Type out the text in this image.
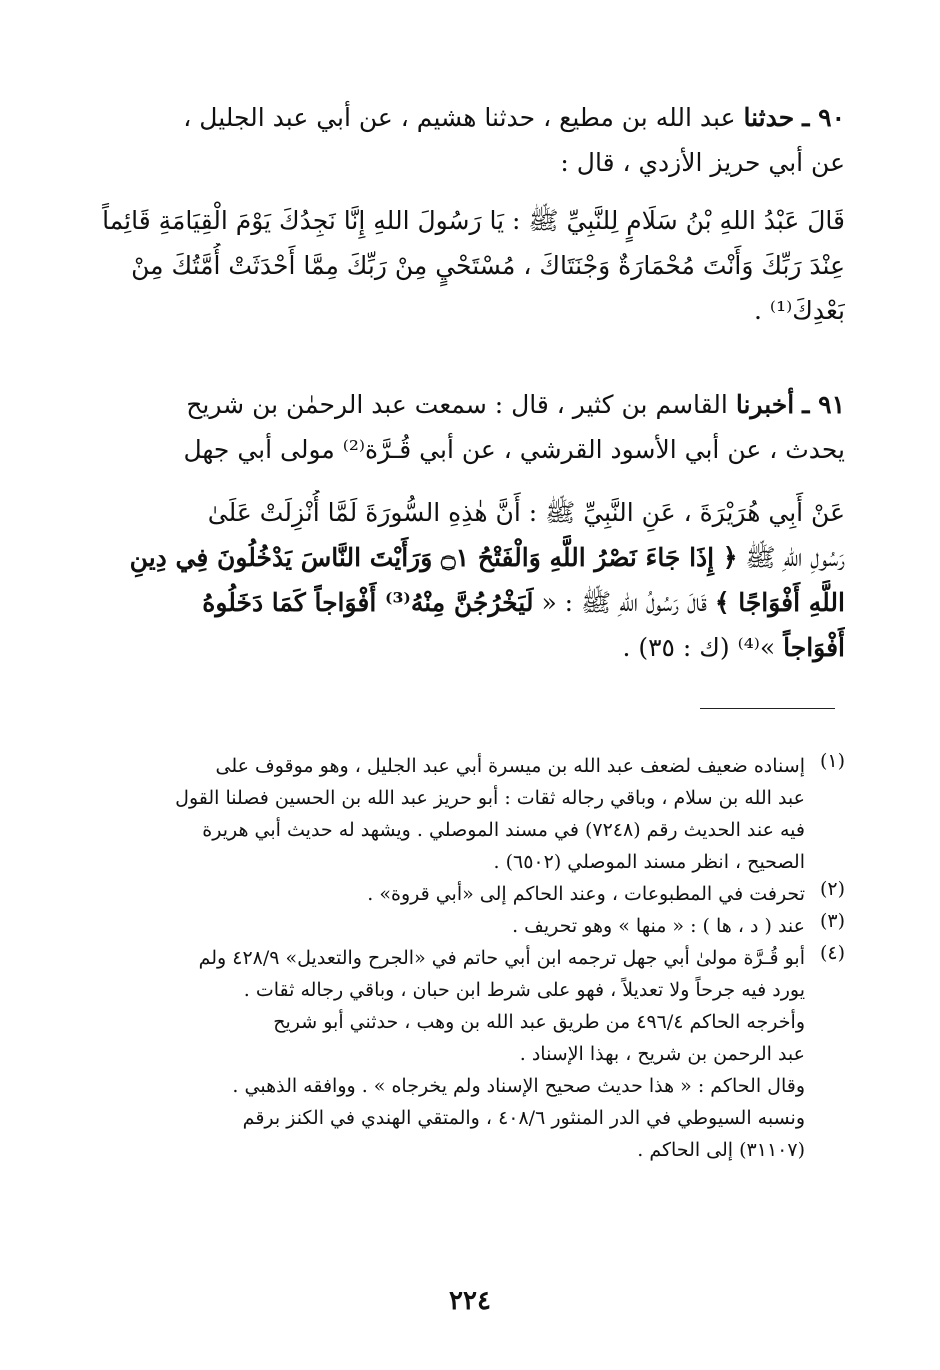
٩٠ ـ حدثنا عبد الله بن مطيع ، حدثنا هشيم ، عن أبي عبد الجليل ،
عن أبي حريز الأزدي ، قال :
قَالَ عَبْدُ اللهِ بْنُ سَلَامٍ لِلنَّبِيِّ ﷺ : يَا رَسُولَ اللهِ إِنَّا نَجِدُكَ يَوْمَ الْقِيَامَةِ قَائِماً
عِنْدَ رَبِّكَ وَأَنْتَ مُحْمَارَةٌ وَجْنَتَاكَ ، مُسْتَحْيٍ مِنْ رَبِّكَ مِمَّا أَحْدَثَتْ أُمَّتُكَ مِنْ
بَعْدِكَ⁽¹⁾ .
٩١ ـ أخبرنا القاسم بن كثير ، قال : سمعت عبد الرحمٰن بن شريح
يحدث ، عن أبي الأسود القرشي ، عن أبي قُـرَّة⁽²⁾ مولى أبي جهل
عَنْ أَبِي هُرَيْرَةَ ، عَنِ النَّبِيِّ ﷺ : أَنَّ هٰذِهِ السُّورَةَ لَمَّا أُنْزِلَتْ عَلَىٰ
رَسُولِ اللهِ ﷺ ﴿ إِذَا جَاءَ نَصْرُ اللَّهِ وَالْفَتْحُ ۝١ وَرَأَيْتَ النَّاسَ يَدْخُلُونَ فِي دِينِ
اللَّهِ أَفْوَاجًا ﴾ قَالَ رَسُولُ اللهِ ﷺ : « لَيَخْرُجُنَّ مِنْهُ⁽³⁾ أَفْوَاجاً كَمَا دَخَلُوهُ
أَفْوَاجاً »⁽⁴⁾ (ك : ٣٥) .
(١)
إسناده ضعيف لضعف عبد الله بن ميسرة أبي عبد الجليل ، وهو موقوف على
عبد الله بن سلام ، وباقي رجاله ثقات : أبو حريز عبد الله بن الحسين فصلنا القول
فيه عند الحديث رقم (٧٢٤٨) في مسند الموصلي . ويشهد له حديث أبي هريرة
الصحيح ، انظر مسند الموصلي (٦٥٠٢) .
(٢)
تحرفت في المطبوعات ، وعند الحاكم إلى «أبي قروة» .
(٣)
عند ( د ، ها ) : « منها » وهو تحريف .
(٤)
أبو قُـرَّة مولىٰ أبي جهل ترجمه ابن أبي حاتم في «الجرح والتعديل» ٤٢٨/٩ ولم
يورد فيه جرحاً ولا تعديلاً ، فهو على شرط ابن حبان ، وباقي رجاله ثقات .
وأخرجه الحاكم ٤٩٦/٤ من طريق عبد الله بن وهب ، حدثني أبو شريح
عبد الرحمن بن شريح ، بهذا الإسناد .
وقال الحاكم : « هذا حديث صحيح الإسناد ولم يخرجاه » . ووافقه الذهبي .
ونسبه السيوطي في الدر المنثور ٤٠٨/٦ ، والمتقي الهندي في الكنز برقم
(٣١١٠٧) إلى الحاكم .
٢٢٤
